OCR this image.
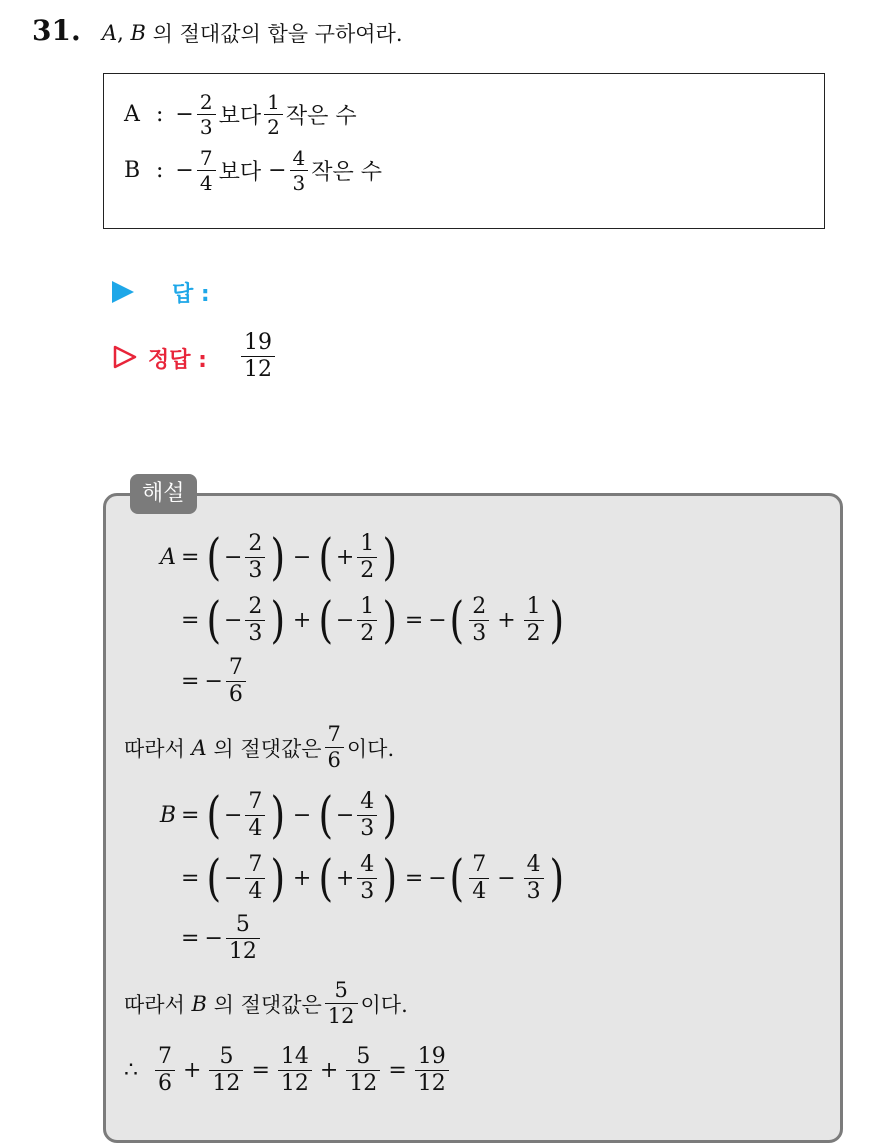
31. A ,
B
의 절대값의 합을 구하여라.
A : − $\frac{2}{3}$ 보다 $\frac{1}{2}$ 작은 수
B : − $\frac{7}{4}$ 보다
− $\frac{4}{3}$ 작은 수
답 :
정답 : $\frac{19}{12}$
해설
A = ( − $\frac{2}{3}$ ) − ( + $\frac{1}{2}$ )
= ( − $\frac{2}{3}$ ) + ( − $\frac{1}{2}$ ) = − ( $\frac{2}{3} + \frac{1}{2}$ )
= − $\frac{7}{6}$
따라서
A
의 절댓값은 $\frac{7}{6}$ 이다.
B = ( − $\frac{7}{4}$ ) − ( − $\frac{4}{3}$ )
= ( − $\frac{7}{4}$ ) + ( + $\frac{4}{3}$ ) = − ( $\frac{7}{4} - \frac{4}{3}$ )
= − $\frac{5}{12}$
따라서
B
의 절댓값은 $\frac{5}{12}$ 이다.
∴
$\frac{7}{6} + \frac{5}{12} = \frac{14}{12} + \frac{5}{12} = \frac{19}{12}$
